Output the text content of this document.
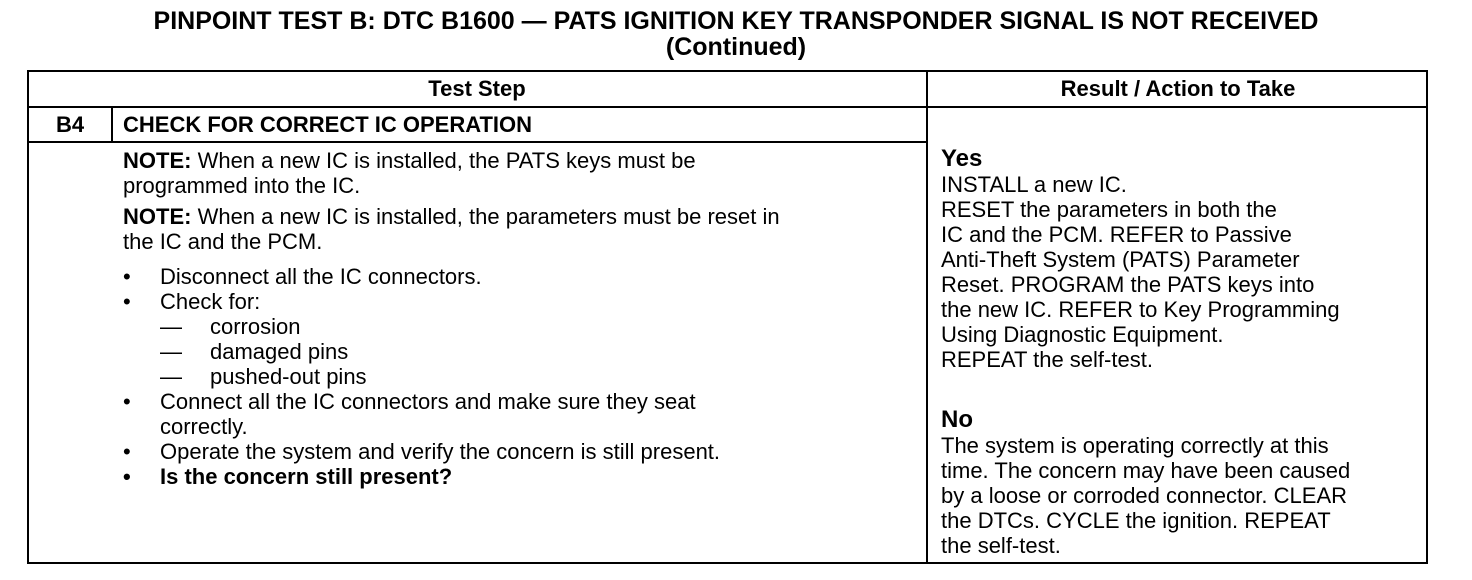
PINPOINT TEST B: DTC B1600 — PATS IGNITION KEY TRANSPONDER SIGNAL IS NOT RECEIVED
(Continued)
Test Step	Result / Action to Take
B4	CHECK FOR CORRECT IC OPERATION
NOTE: When a new IC is installed, the PATS keys must be
programmed into the IC.
NOTE: When a new IC is installed, the parameters must be reset in
the IC and the PCM.
• Disconnect all the IC connectors.
• Check for:
— corrosion
— damaged pins
— pushed-out pins
• Connect all the IC connectors and make sure they seat
correctly.
• Operate the system and verify the concern is still present.
• Is the concern still present?
Yes
INSTALL a new IC.
RESET the parameters in both the
IC and the PCM. REFER to Passive
Anti-Theft System (PATS) Parameter
Reset. PROGRAM the PATS keys into
the new IC. REFER to Key Programming
Using Diagnostic Equipment.
REPEAT the self-test.
No
The system is operating correctly at this
time. The concern may have been caused
by a loose or corroded connector. CLEAR
the DTCs. CYCLE the ignition. REPEAT
the self-test.
